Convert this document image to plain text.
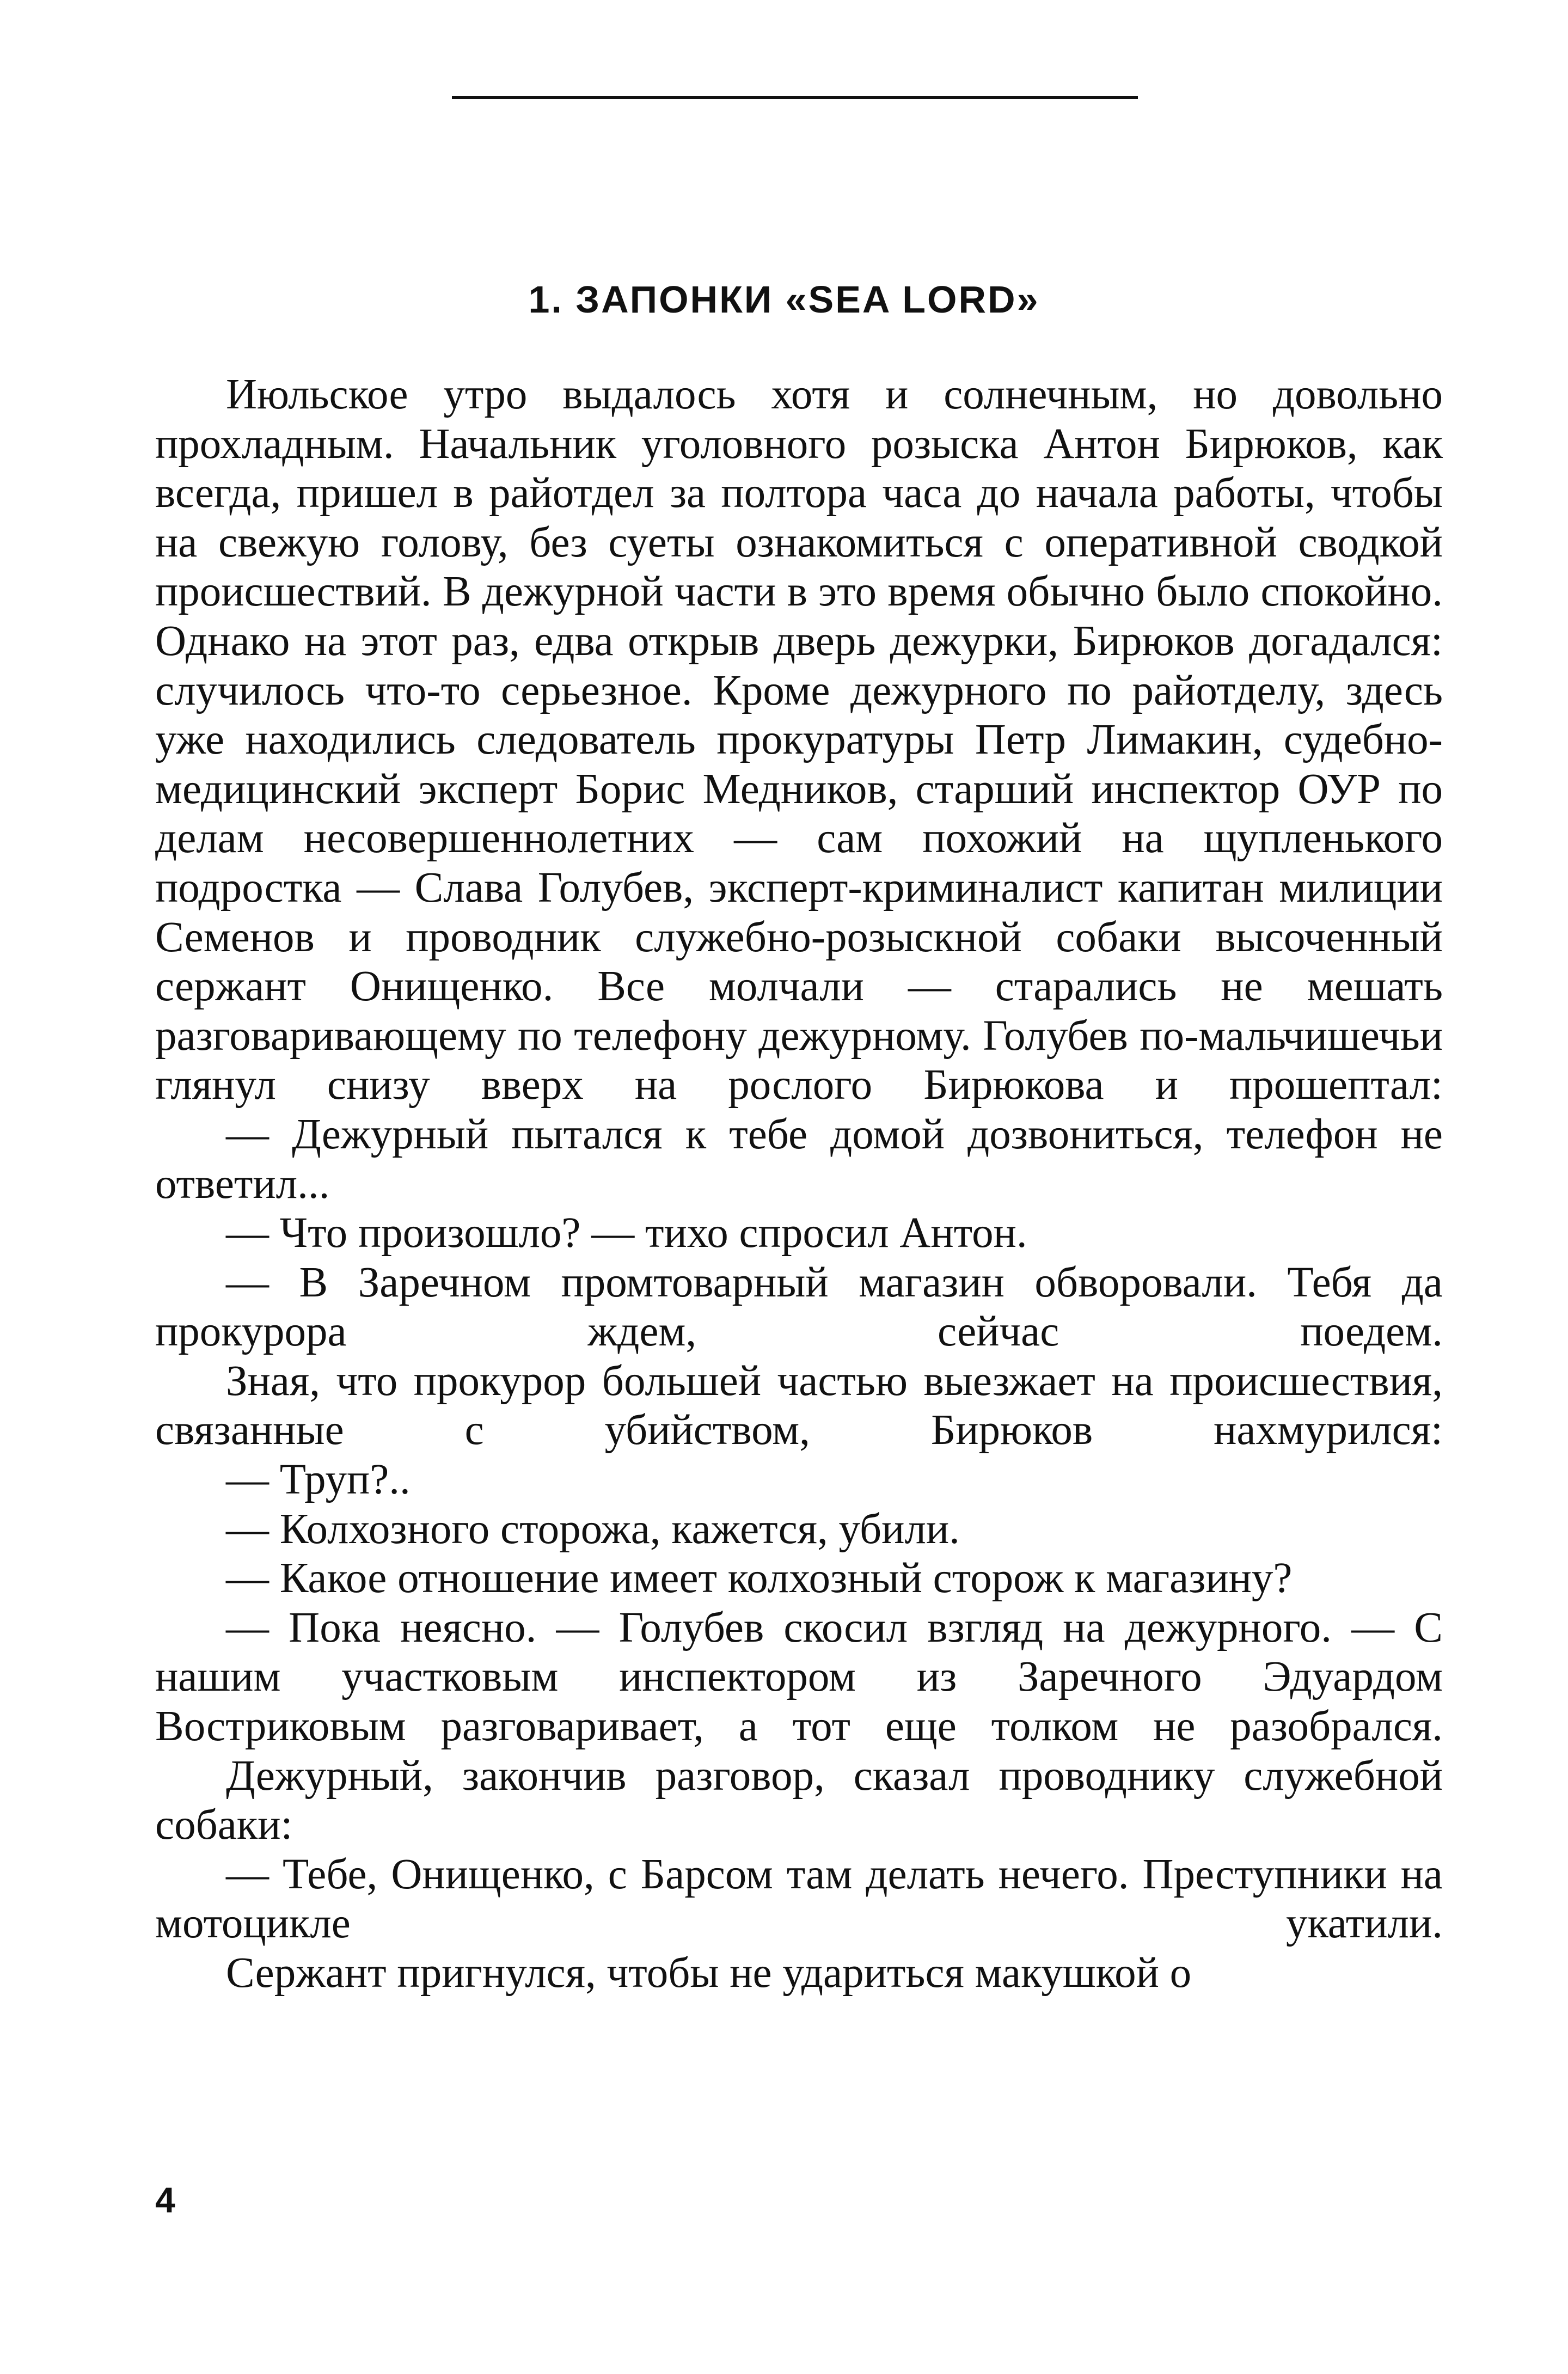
1. ЗАПОНКИ «SEA LORD»

Июльское утро выдалось хотя и солнечным, но довольно прохладным. Начальник уголовного розыска Антон Бирюков, как всегда, пришел в райотдел за полтора часа до начала работы, чтобы на свежую голову, без суеты ознакомиться с оперативной сводкой происшествий. В дежурной части в это время обычно было спокойно. Однако на этот раз, едва открыв дверь дежурки, Бирюков догадался: случилось что-то серьезное. Кроме дежурного по райотделу, здесь уже находились следователь прокуратуры Петр Лимакин, судебно-медицинский эксперт Борис Медников, старший инспектор ОУР по делам несовершеннолетних — сам похожий на щупленького подростка — Слава Голубев, эксперт-криминалист капитан милиции Семенов и проводник служебно-розыскной собаки высоченный сержант Онищенко. Все молчали — старались не мешать разговаривающему по телефону дежурному. Голубев по-мальчишечьи глянул снизу вверх на рослого Бирюкова и прошептал:

— Дежурный пытался к тебе домой дозвониться, телефон не ответил...

— Что произошло? — тихо спросил Антон.

— В Заречном промтоварный магазин обворовали. Тебя да прокурора ждем, сейчас поедем.

Зная, что прокурор большей частью выезжает на происшествия, связанные с убийством, Бирюков нахмурился:

— Труп?..

— Колхозного сторожа, кажется, убили.

— Какое отношение имеет колхозный сторож к магазину?

— Пока неясно. — Голубев скосил взгляд на дежурного. — С нашим участковым инспектором из Заречного Эдуардом Востриковым разговаривает, а тот еще толком не разобрался.

Дежурный, закончив разговор, сказал проводнику служебной собаки:

— Тебе, Онищенко, с Барсом там делать нечего. Преступники на мотоцикле укатили.

Сержант пригнулся, чтобы не удариться макушкой о

4
